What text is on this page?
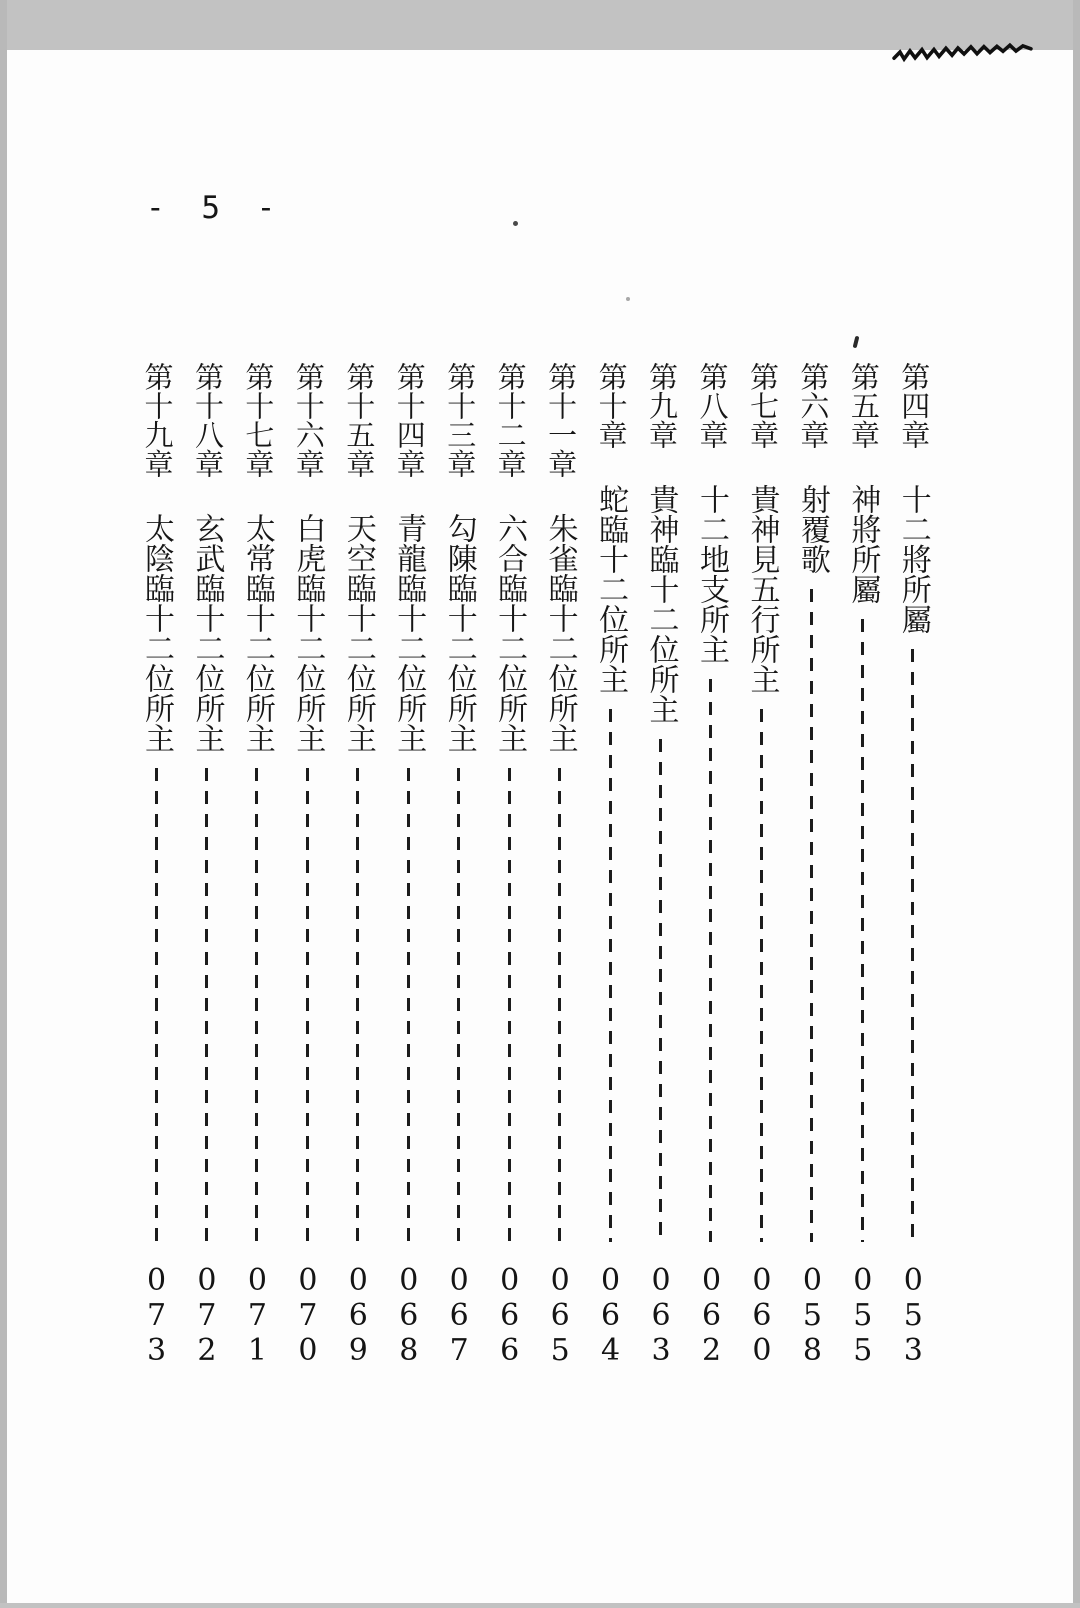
- 5 -
第四章
十二將所屬
053
第五章
神將所屬
055
第六章
射覆歌
058
第七章
貴神見五行所主
060
第八章
十二地支所主
062
第九章
貴神臨十二位所主
063
第十章
蛇臨十二位所主
064
第十一章
朱雀臨十二位所主
065
第十二章
六合臨十二位所主
066
第十三章
勾陳臨十二位所主
067
第十四章
青龍臨十二位所主
068
第十五章
天空臨十二位所主
069
第十六章
白虎臨十二位所主
070
第十七章
太常臨十二位所主
071
第十八章
玄武臨十二位所主
072
第十九章
太陰臨十二位所主
073
